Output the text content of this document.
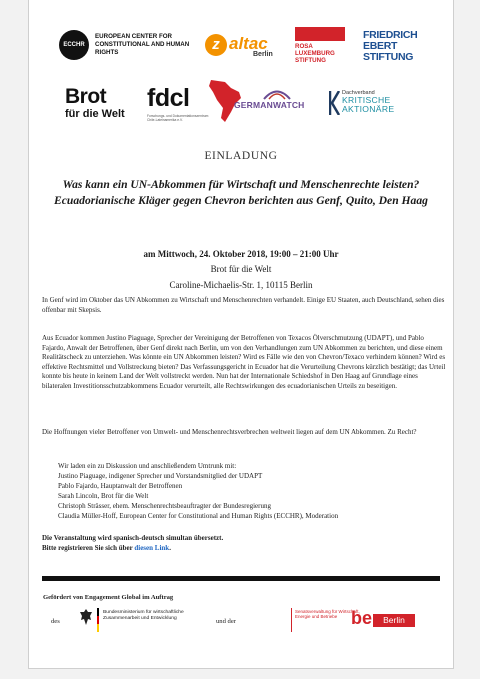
ECCHR
EUROPEAN CENTER FOR CONSTITUTIONAL AND HUMAN RIGHTS	z altac
Berlin
ROSA LUXEMBURG STIFTUNG
FRIEDRICH EBERT STIFTUNG
Brot
für die Welt
fdcl
Forschungs- und Dokumentationszentrum Chile-Lateinamerika e.V.
GERMANWATCH
Dachverband
KRITISCHE AKTIONÄRE
EINLADUNG
Was kann ein UN-Abkommen für Wirtschaft und Menschenrechte leisten?
Ecuadorianische Kläger gegen Chevron berichten aus Genf, Quito, Den Haag
am Mittwoch, 24. Oktober 2018, 19:00 – 21:00 Uhr
Brot für die Welt
Caroline-Michaelis-Str. 1, 10115 Berlin
In Genf wird im Oktober das UN Abkommen zu Wirtschaft und Menschenrechten verhandelt. Einige EU Staaten, auch Deutschland, sehen dies offenbar mit Skepsis.
Aus Ecuador kommen Justino Piaguage, Sprecher der Vereinigung der Betroffenen von Texacos Ölverschmutzung (UDAPT), und Pablo Fajardo, Anwalt der Betroffenen, über Genf direkt nach Berlin, um von den Verhandlungen zum UN Abkommen zu berichten, und diese einem Realitätscheck zu unterziehen. Was könnte ein UN Abkommen leisten? Wird es Fälle wie den von Chevron/Texaco verhindern können? Wird es effektive Rechtsmittel und Vollstreckung bieten? Das Verfassungsgericht in Ecuador hat die Verurteilung Chevrons kürzlich bestätigt; das Urteil konnte bis heute in keinem Land der Welt vollstreckt werden. Nun hat der Internationale Schiedshof in Den Haag auf Grundlage eines bilateralen Investitionsschutzabkommens Ecuador verurteilt, alle Rechtswirkungen des ecuadorianischen Urteils zu beseitigen.
Die Hoffnungen vieler Betroffener von Umwelt- und Menschenrechtsverbrechen weltweit liegen auf dem UN Abkommen. Zu Recht?
Wir laden ein zu Diskussion und anschließendem Umtrunk mit:
Justino Piaguage, indigener Sprecher und Vorstandsmitglied der UDAPT
Pablo Fajardo, Hauptanwalt der Betroffenen
Sarah Lincoln, Brot für die Welt
Christoph Strässer, ehem. Menschenrechtsbeauftragter der Bundesregierung
Claudia Müller-Hoff, European Center for Constitutional and Human Rights (ECCHR), Moderation
Die Veranstaltung wird spanisch-deutsch simultan übersetzt.
Bitte registrieren Sie sich über diesen Link.
Gefördert von Engagement Global im Auftrag
des
Bundesministerium für wirtschaftliche Zusammenarbeit und Entwicklung	und der
Senatsverwaltung für Wirtschaft, Energie und Betriebe be	Berlin
